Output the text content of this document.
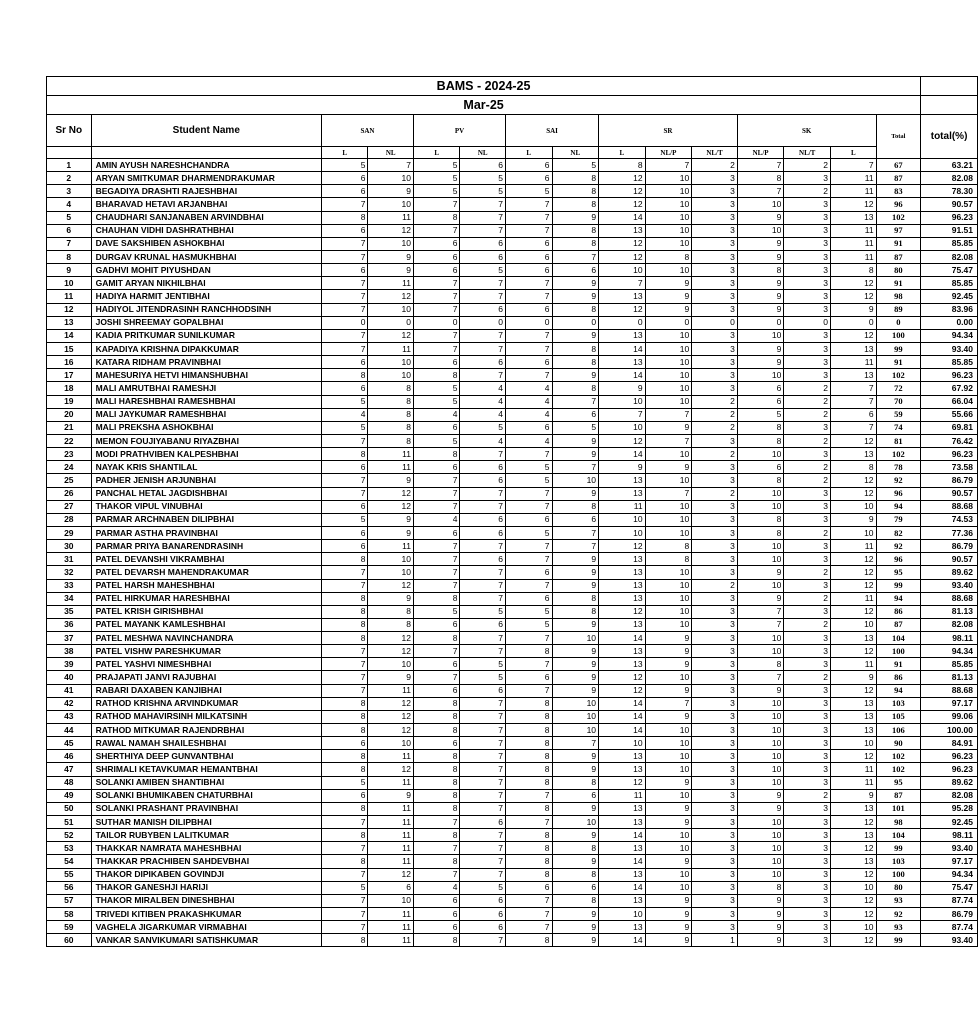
BAMS - 2024-25															
Mar-25															
Sr No	Student Name	SAN		PV		SAI		SR			SK			Total	total(%)
		L	NL	L	NL	L	NL	L	NL/P	NL/T	NL/P	NL/T	L		
1	AMIN AYUSH NARESHCHANDRA	5	7	5	6	6	5	8	7	2	7	2	7	67	63.21
2	ARYAN SMITKUMAR DHARMENDRAKUMAR	6	10	5	5	6	8	12	10	3	8	3	11	87	82.08
3	BEGADIYA DRASHTI RAJESHBHAI	6	9	5	5	5	8	12	10	3	7	2	11	83	78.30
4	BHARAVAD HETAVI ARJANBHAI	7	10	7	7	7	8	12	10	3	10	3	12	96	90.57
5	CHAUDHARI SANJANABEN ARVINDBHAI	8	11	8	7	7	9	14	10	3	9	3	13	102	96.23
6	CHAUHAN VIDHI DASHRATHBHAI	6	12	7	7	7	8	13	10	3	10	3	11	97	91.51
7	DAVE SAKSHIBEN ASHOKBHAI	7	10	6	6	6	8	12	10	3	9	3	11	91	85.85
8	DURGAV KRUNAL HASMUKHBHAI	7	9	6	6	6	7	12	8	3	9	3	11	87	82.08
9	GADHVI MOHIT PIYUSHDAN	6	9	6	5	6	6	10	10	3	8	3	8	80	75.47
10	GAMIT ARYAN NIKHILBHAI	7	11	7	7	7	9	7	9	3	9	3	12	91	85.85
11	HADIYA HARMIT JENTIBHAI	7	12	7	7	7	9	13	9	3	9	3	12	98	92.45
12	HADIYOL JITENDRASINH RANCHHODSINH	7	10	7	6	6	8	12	9	3	9	3	9	89	83.96
13	JOSHI SHREEMAY GOPALBHAI	0	0	0	0	0	0	0	0	0	0	0	0	0	0.00
14	KADIA PRITKUMAR SUNILKUMAR	7	12	7	7	7	9	13	10	3	10	3	12	100	94.34
15	KAPADIYA KRISHNA DIPAKKUMAR	7	11	7	7	7	8	14	10	3	9	3	13	99	93.40
16	KATARA RIDHAM PRAVINBHAI	6	10	6	6	6	8	13	10	3	9	3	11	91	85.85
17	MAHESURIYA HETVI HIMANSHUBHAI	8	10	8	7	7	9	14	10	3	10	3	13	102	96.23
18	MALI AMRUTBHAI RAMESHJI	6	8	5	4	4	8	9	10	3	6	2	7	72	67.92
19	MALI HARESHBHAI RAMESHBHAI	5	8	5	4	4	7	10	10	2	6	2	7	70	66.04
20	MALI JAYKUMAR RAMESHBHAI	4	8	4	4	4	6	7	7	2	5	2	6	59	55.66
21	MALI PREKSHA ASHOKBHAI	5	8	6	5	6	5	10	9	2	8	3	7	74	69.81
22	MEMON FOUJIYABANU RIYAZBHAI	7	8	5	4	4	9	12	7	3	8	2	12	81	76.42
23	MODI PRATHVIBEN KALPESHBHAI	8	11	8	7	7	9	14	10	2	10	3	13	102	96.23
24	NAYAK KRIS SHANTILAL	6	11	6	6	5	7	9	9	3	6	2	8	78	73.58
25	PADHER JENISH ARJUNBHAI	7	9	7	6	5	10	13	10	3	8	2	12	92	86.79
26	PANCHAL HETAL JAGDISHBHAI	7	12	7	7	7	9	13	7	2	10	3	12	96	90.57
27	THAKOR VIPUL VINUBHAI	6	12	7	7	7	8	11	10	3	10	3	10	94	88.68
28	PARMAR ARCHNABEN DILIPBHAI	5	9	4	6	6	6	10	10	3	8	3	9	79	74.53
29	PARMAR ASTHA PRAVINBHAI	6	9	6	6	5	7	10	10	3	8	2	10	82	77.36
30	PARMAR PRIYA BANARENDRASINH	6	11	7	7	7	7	12	8	3	10	3	11	92	86.79
31	PATEL DEVANSHI VIKRAMBHAI	8	10	7	6	7	9	13	8	3	10	3	12	96	90.57
32	PATEL DEVARSH MAHENDRAKUMAR	7	10	7	7	6	9	13	10	3	9	2	12	95	89.62
33	PATEL HARSH MAHESHBHAI	7	12	7	7	7	9	13	10	2	10	3	12	99	93.40
34	PATEL HIRKUMAR HARESHBHAI	8	9	8	7	6	8	13	10	3	9	2	11	94	88.68
35	PATEL KRISH GIRISHBHAI	8	8	5	5	5	8	12	10	3	7	3	12	86	81.13
36	PATEL MAYANK KAMLESHBHAI	8	8	6	6	5	9	13	10	3	7	2	10	87	82.08
37	PATEL MESHWA NAVINCHANDRA	8	12	8	7	7	10	14	9	3	10	3	13	104	98.11
38	PATEL VISHW PARESHKUMAR	7	12	7	7	8	9	13	9	3	10	3	12	100	94.34
39	PATEL YASHVI NIMESHBHAI	7	10	6	5	7	9	13	9	3	8	3	11	91	85.85
40	PRAJAPATI JANVI RAJUBHAI	7	9	7	5	6	9	12	10	3	7	2	9	86	81.13
41	RABARI DAXABEN KANJIBHAI	7	11	6	6	7	9	12	9	3	9	3	12	94	88.68
42	RATHOD KRISHNA ARVINDKUMAR	8	12	8	7	8	10	14	7	3	10	3	13	103	97.17
43	RATHOD MAHAVIRSINH MILKATSINH	8	12	8	7	8	10	14	9	3	10	3	13	105	99.06
44	RATHOD MITKUMAR RAJENDRBHAI	8	12	8	7	8	10	14	10	3	10	3	13	106	100.00
45	RAWAL NAMAH SHAILESHBHAI	6	10	6	7	8	7	10	10	3	10	3	10	90	84.91
46	SHERTHIYA DEEP GUNVANTBHAI	8	11	8	7	8	9	13	10	3	10	3	12	102	96.23
47	SHRIMALI KETAVKUMAR HEMANTBHAI	8	12	8	7	8	9	13	10	3	10	3	11	102	96.23
48	SOLANKI AMIBEN SHANTIBHAI	5	11	8	7	8	8	12	9	3	10	3	11	95	89.62
49	SOLANKI BHUMIKABEN CHATURBHAI	6	9	8	7	7	6	11	10	3	9	2	9	87	82.08
50	SOLANKI PRASHANT PRAVINBHAI	8	11	8	7	8	9	13	9	3	9	3	13	101	95.28
51	SUTHAR MANISH DILIPBHAI	7	11	7	6	7	10	13	9	3	10	3	12	98	92.45
52	TAILOR RUBYBEN LALITKUMAR	8	11	8	7	8	9	14	10	3	10	3	13	104	98.11
53	THAKKAR NAMRATA MAHESHBHAI	7	11	7	7	8	8	13	10	3	10	3	12	99	93.40
54	THAKKAR PRACHIBEN SAHDEVBHAI	8	11	8	7	8	9	14	9	3	10	3	13	103	97.17
55	THAKOR DIPIKABEN GOVINDJI	7	12	7	7	8	8	13	10	3	10	3	12	100	94.34
56	THAKOR GANESHJI HARIJI	5	6	4	5	6	6	14	10	3	8	3	10	80	75.47
57	THAKOR MIRALBEN DINESHBHAI	7	10	6	6	7	8	13	9	3	9	3	12	93	87.74
58	TRIVEDI KITIBEN PRAKASHKUMAR	7	11	6	6	7	9	10	9	3	9	3	12	92	86.79
59	VAGHELA JIGARKUMAR VIRMABHAI	7	11	6	6	7	9	13	9	3	9	3	10	93	87.74
60	VANKAR SANVIKUMARI SATISHKUMAR	8	11	8	7	8	9	14	9	1	9	3	12	99	93.40
